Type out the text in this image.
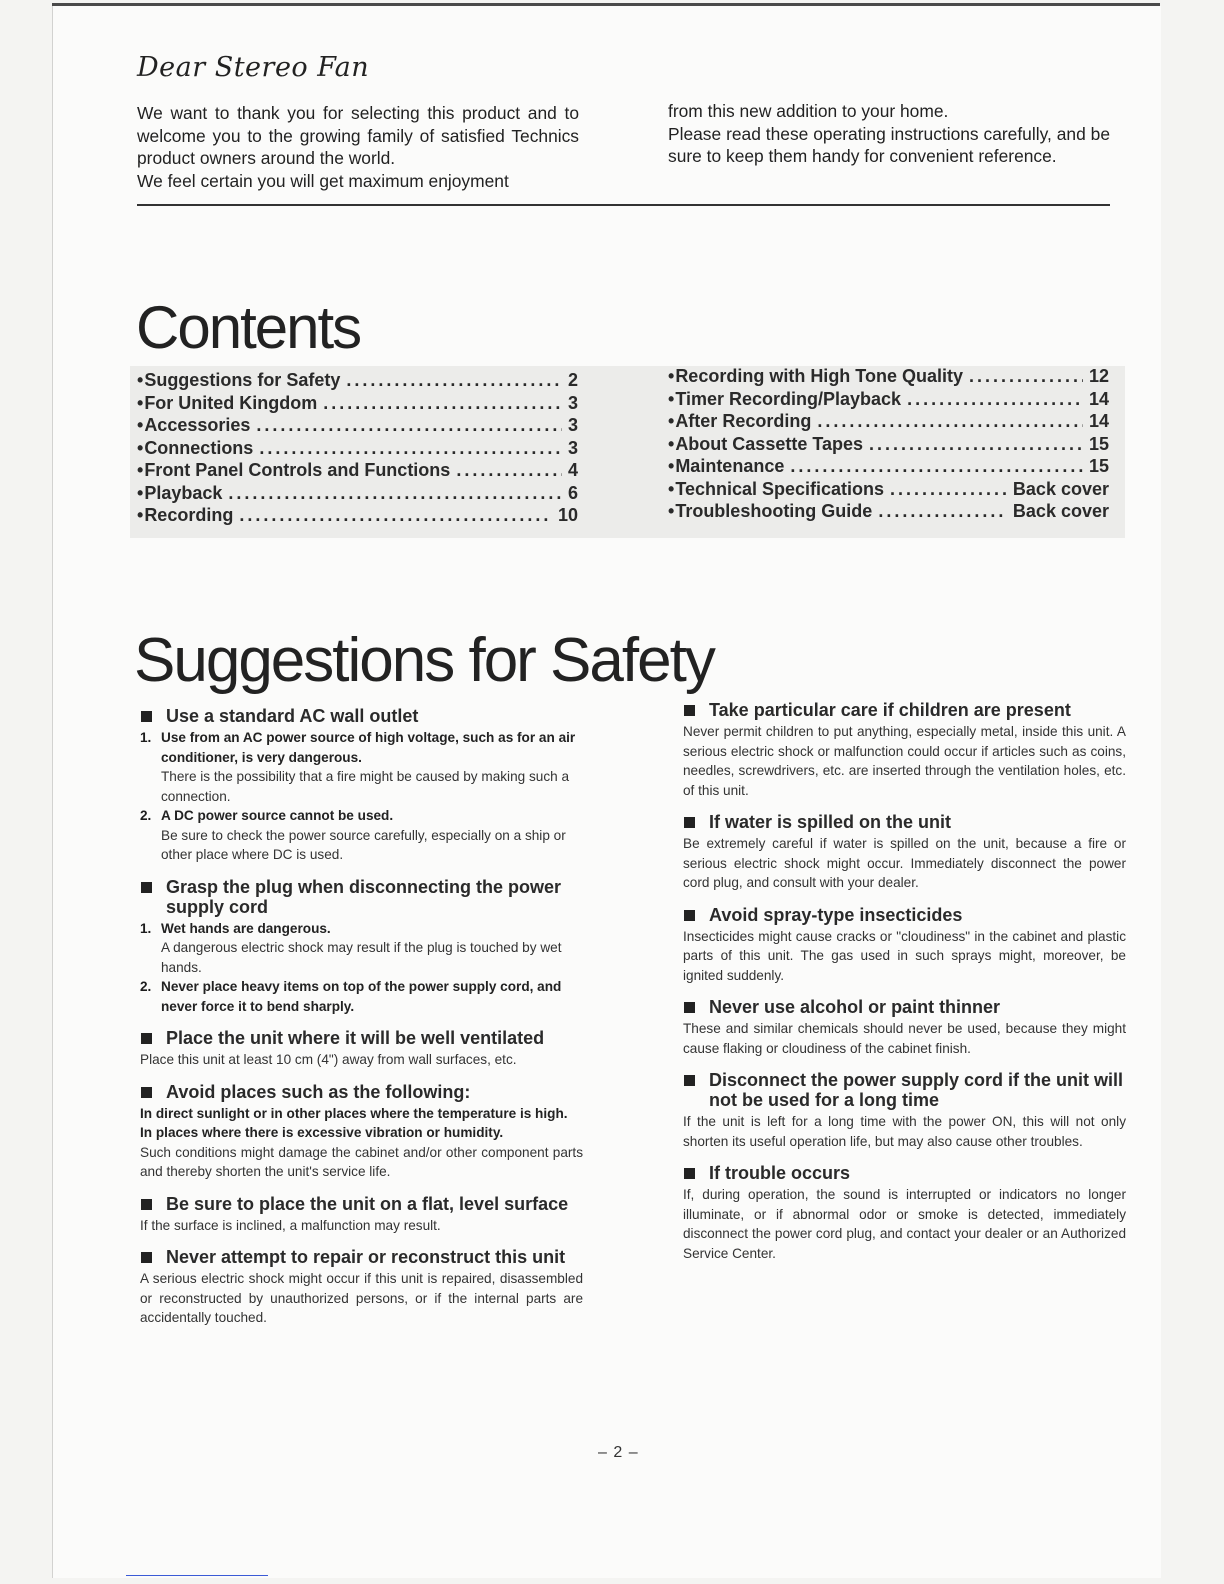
Dear Stereo Fan

We want to thank you for selecting this product and to welcome you to the growing family of satisfied Technics product owners around the world.

We feel certain you will get maximum enjoyment

from this new addition to your home.

Please read these operating instructions carefully, and be sure to keep them handy for convenient reference.

Contents
• Suggestions for Safety .....	2
• For United Kingdom .....	3
• Accessories .....	3
• Connections .....	3
• Front Panel Controls and Functions .....	4
• Playback .....	6
• Recording .....	10
• Recording with High Tone Quality .....	12
• Timer Recording/Playback .....	14
• After Recording .....	14
• About Cassette Tapes .....	15
• Maintenance .....	15
• Technical Specifications .....	Back cover
• Troubleshooting Guide .....	Back cover
Suggestions for Safety
Use a standard AC wall outlet
1. Use from an AC power source of high voltage, such as for an air conditioner, is very dangerous.
There is the possibility that a fire might be caused by making such a connection.
2. A DC power source cannot be used.
Be sure to check the power source carefully, especially on a ship or other place where DC is used.
Grasp the plug when disconnecting the power supply cord
1. Wet hands are dangerous.
A dangerous electric shock may result if the plug is touched by wet hands.
2. Never place heavy items on top of the power supply cord, and never force it to bend sharply.
Place the unit where it will be well ventilated

Place this unit at least 10 cm (4") away from wall surfaces, etc.

Avoid places such as the following:

In direct sunlight or in other places where the temperature is high.

In places where there is excessive vibration or humidity.

Such conditions might damage the cabinet and/or other component parts and thereby shorten the unit's service life.

Be sure to place the unit on a flat, level surface

If the surface is inclined, a malfunction may result.

Never attempt to repair or reconstruct this unit

A serious electric shock might occur if this unit is repaired, disassembled or reconstructed by unauthorized persons, or if the internal parts are accidentally touched.

Take particular care if children are present

Never permit children to put anything, especially metal, inside this unit. A serious electric shock or malfunction could occur if articles such as coins, needles, screwdrivers, etc. are inserted through the ventilation holes, etc. of this unit.

If water is spilled on the unit

Be extremely careful if water is spilled on the unit, because a fire or serious electric shock might occur. Immediately disconnect the power cord plug, and consult with your dealer.

Avoid spray-type insecticides

Insecticides might cause cracks or "cloudiness" in the cabinet and plastic parts of this unit. The gas used in such sprays might, moreover, be ignited suddenly.

Never use alcohol or paint thinner

These and similar chemicals should never be used, because they might cause flaking or cloudiness of the cabinet finish.

Disconnect the power supply cord if the unit will not be used for a long time

If the unit is left for a long time with the power ON, this will not only shorten its useful operation life, but may also cause other troubles.

If trouble occurs

If, during operation, the sound is interrupted or indicators no longer illuminate, or if abnormal odor or smoke is detected, immediately disconnect the power cord plug, and contact your dealer or an Authorized Service Center.

– 2 –
